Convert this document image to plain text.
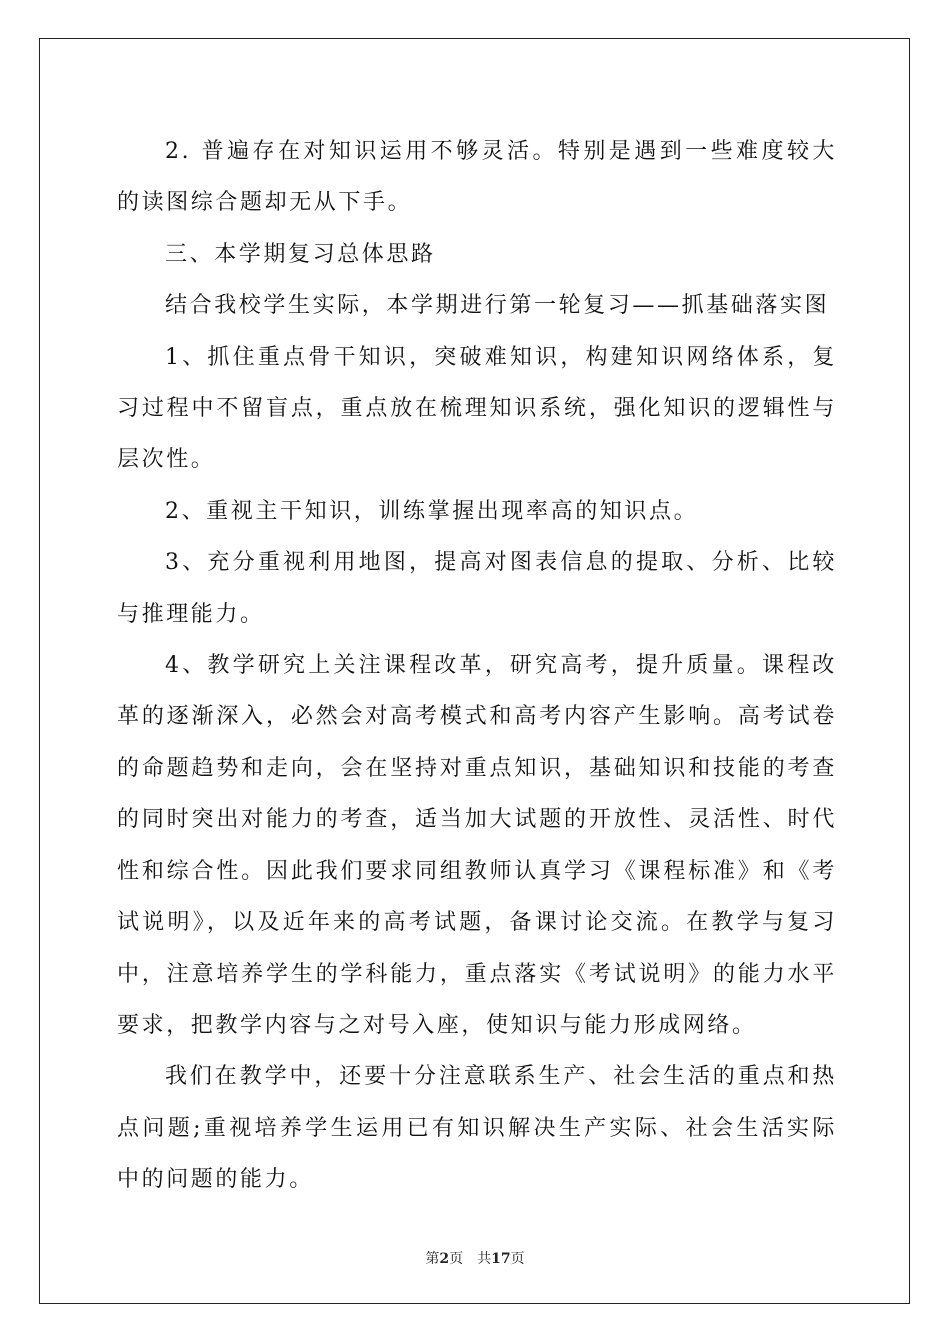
2. 普遍存在对知识运用不够灵活。特别是遇到一些难度较大的读图综合题却无从下手。

三、本学期复习总体思路

结合我校学生实际，本学期进行第一轮复习——抓基础落实图

1、抓住重点骨干知识，突破难知识，构建知识网络体系，复习过程中不留盲点，重点放在梳理知识系统，强化知识的逻辑性与层次性。

2、重视主干知识，训练掌握出现率高的知识点。

3、充分重视利用地图，提高对图表信息的提取、分析、比较与推理能力。

4、教学研究上关注课程改革，研究高考，提升质量。课程改革的逐渐深入，必然会对高考模式和高考内容产生影响。高考试卷的命题趋势和走向，会在坚持对重点知识，基础知识和技能的考查的同时突出对能力的考查，适当加大试题的开放性、灵活性、时代性和综合性。因此我们要求同组教师认真学习《课程标准》和《考试说明》，以及近年来的高考试题，备课讨论交流。在教学与复习中，注意培养学生的学科能力，重点落实《考试说明》的能力水平要求，把教学内容与之对号入座，使知识与能力形成网络。

我们在教学中，还要十分注意联系生产、社会生活的重点和热点问题;重视培养学生运用已有知识解决生产实际、社会生活实际中的问题的能力。

第2页 共17页
